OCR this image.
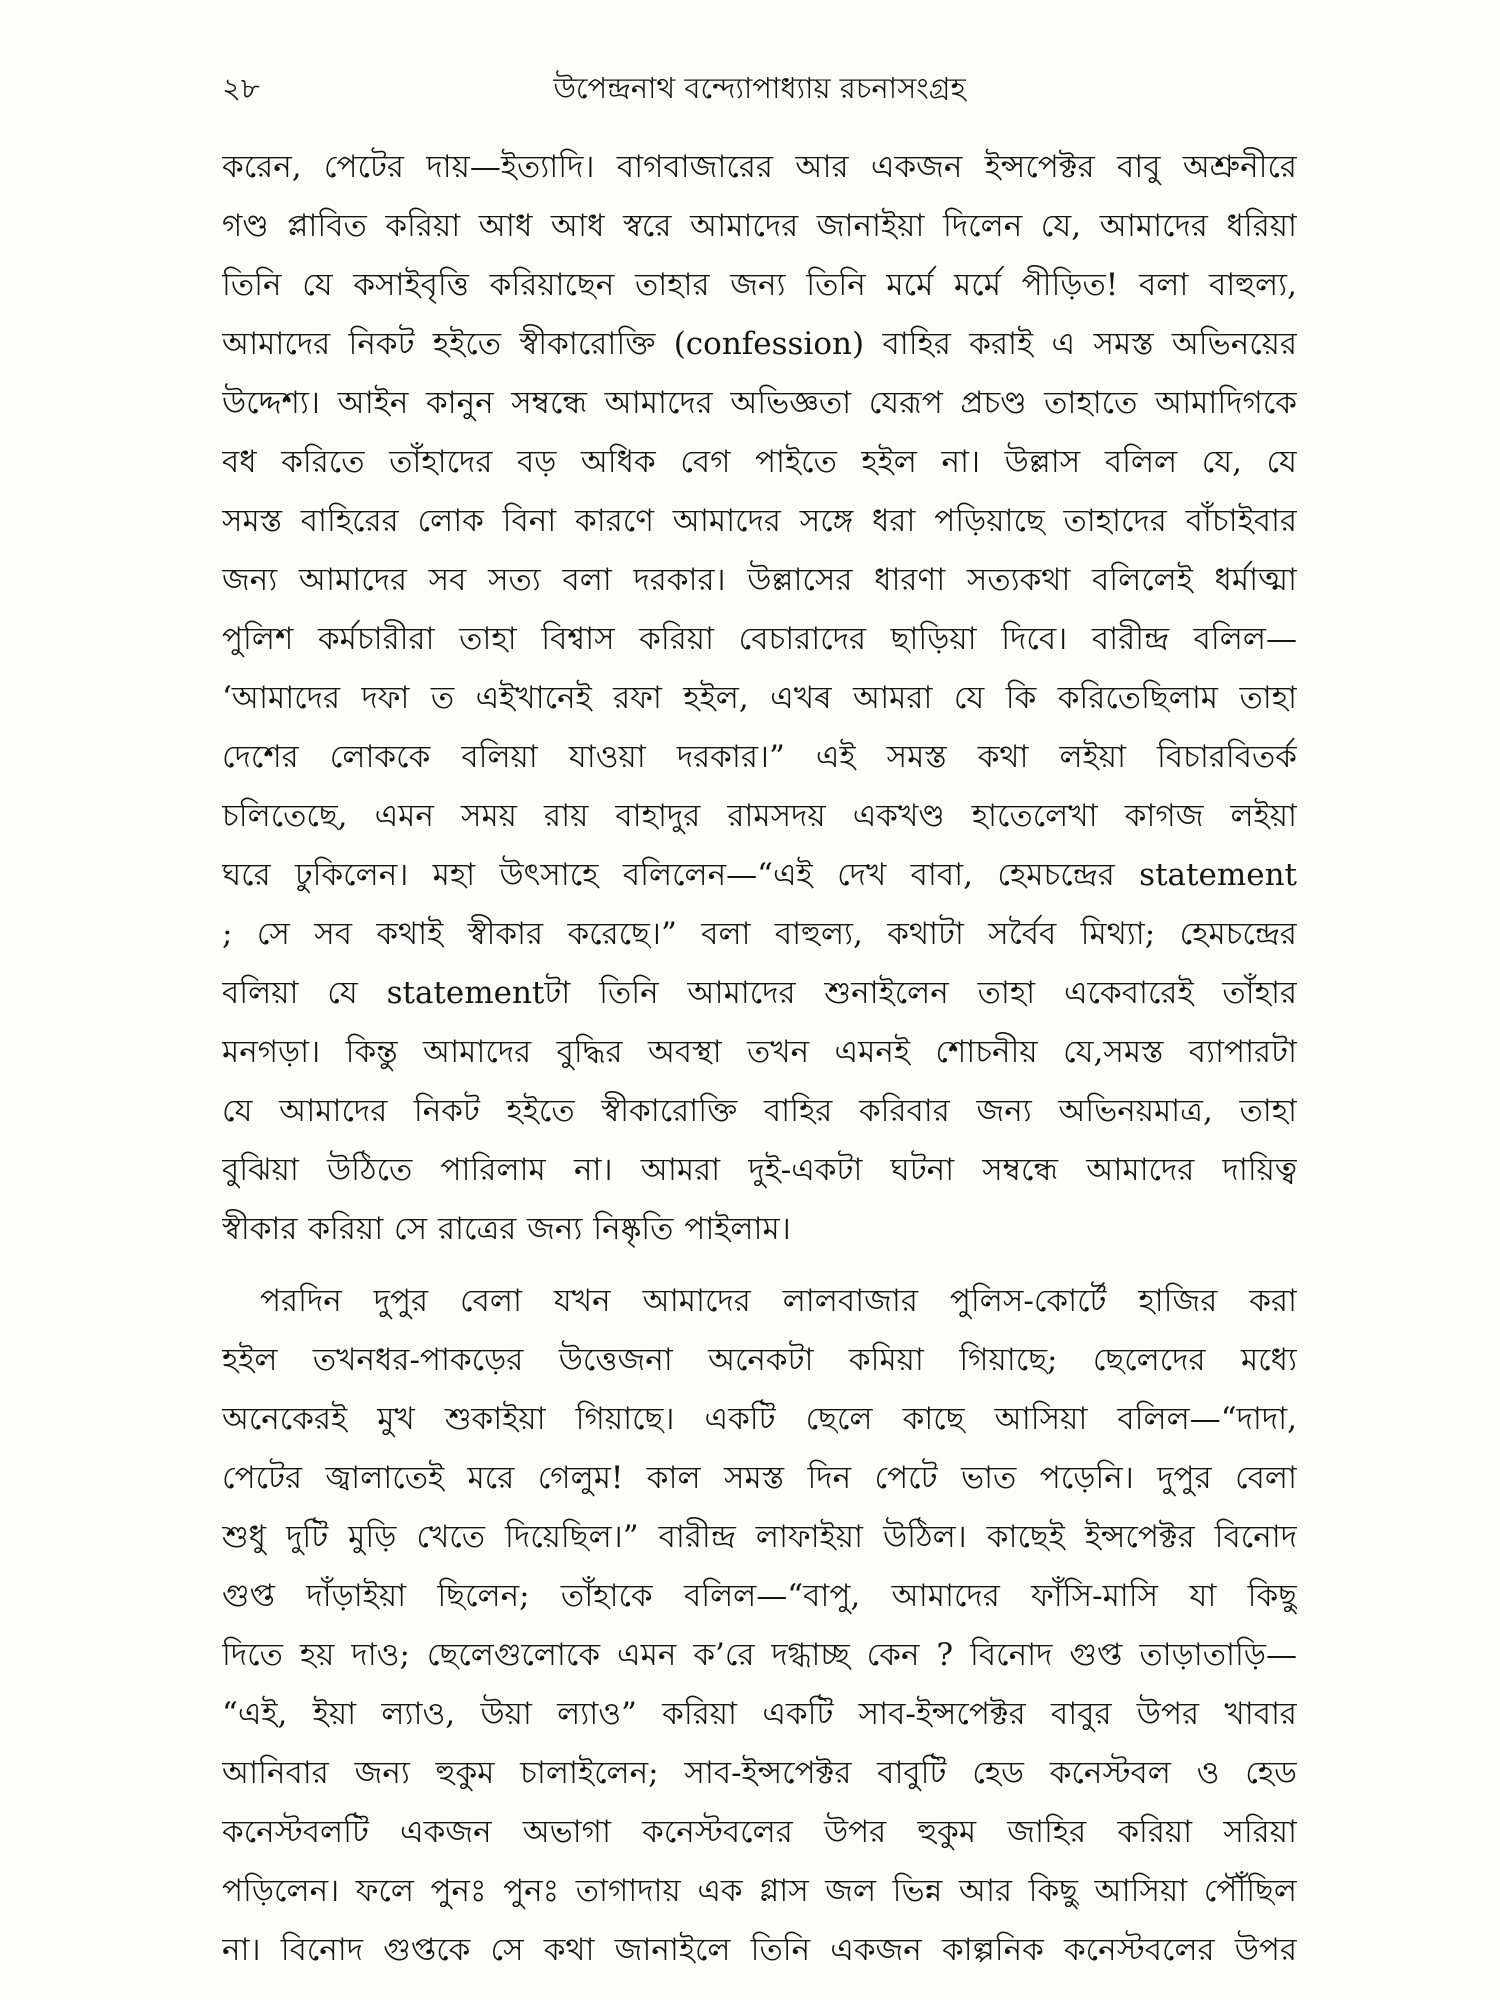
২৮	উপেন্দ্রনাথ বন্দ্যোপাধ্যায় রচনাসংগ্রহ
করেন, পেটের দায়—ইত্যাদি। বাগবাজারের আর একজন ইন্সপেক্টর বাবু অশ্রুনীরে
গণ্ড প্লাবিত করিয়া আধ আধ স্বরে আমাদের জানাইয়া দিলেন যে, আমাদের ধরিয়া
তিনি যে কসাইবৃত্তি করিয়াছেন তাহার জন্য তিনি মর্মে মর্মে পীড়িত! বলা বাহুল্য,
আমাদের নিকট হইতে স্বীকারোক্তি (confession) বাহির করাই এ সমস্ত অভিনয়ের
উদ্দেশ্য। আইন কানুন সম্বন্ধে আমাদের অভিজ্ঞতা যেরূপ প্রচণ্ড তাহাতে আমাদিগকে
বধ করিতে তাঁহাদের বড় অধিক বেগ পাইতে হইল না। উল্লাস বলিল যে, যে
সমস্ত বাহিরের লোক বিনা কারণে আমাদের সঙ্গে ধরা পড়িয়াছে তাহাদের বাঁচাইবার
জন্য আমাদের সব সত্য বলা দরকার। উল্লাসের ধারণা সত্যকথা বলিলেই ধর্মাত্মা
পুলিশ কর্মচারীরা তাহা বিশ্বাস করিয়া বেচারাদের ছাড়িয়া দিবে। বারীন্দ্র বলিল—
‘আমাদের দফা ত এইখানেই রফা হইল, এখৰ আমরা যে কি করিতেছিলাম তাহা
দেশের লোককে বলিয়া যাওয়া দরকার।” এই সমস্ত কথা লইয়া বিচারবিতর্ক
চলিতেছে, এমন সময় রায় বাহাদুর রামসদয় একখণ্ড হাতেলেখা কাগজ লইয়া
ঘরে ঢুকিলেন। মহা উৎসাহে বলিলেন—“এই দেখ বাবা, হেমচন্দ্রের statement
; সে সব কথাই স্বীকার করেছে।” বলা বাহুল্য, কথাটা সর্বৈব মিথ্যা; হেমচন্দ্রের
বলিয়া যে statementটা তিনি আমাদের শুনাইলেন তাহা একেবারেই তাঁহার
মনগড়া। কিন্তু আমাদের বুদ্ধির অবস্থা তখন এমনই শোচনীয় যে,সমস্ত ব্যাপারটা
যে আমাদের নিকট হইতে স্বীকারোক্তি বাহির করিবার জন্য অভিনয়মাত্র, তাহা
বুঝিয়া উঠিতে পারিলাম না। আমরা দুই-একটা ঘটনা সম্বন্ধে আমাদের দায়িত্ব
স্বীকার করিয়া সে রাত্রের জন্য নিষ্কৃতি পাইলাম।
পরদিন দুপুর বেলা যখন আমাদের লালবাজার পুলিস-কোর্টে হাজির করা
হইল তখনধর-পাকড়ের উত্তেজনা অনেকটা কমিয়া গিয়াছে; ছেলেদের মধ্যে
অনেকেরই মুখ শুকাইয়া গিয়াছে। একটি ছেলে কাছে আসিয়া বলিল—“দাদা,
পেটের জ্বালাতেই মরে গেলুম! কাল সমস্ত দিন পেটে ভাত পড়েনি। দুপুর বেলা
শুধু দুটি মুড়ি খেতে দিয়েছিল।” বারীন্দ্র লাফাইয়া উঠিল। কাছেই ইন্সপেক্টর বিনোদ
গুপ্ত দাঁড়াইয়া ছিলেন; তাঁহাকে বলিল—“বাপু, আমাদের ফাঁসি-মাসি যা কিছু
দিতে হয় দাও; ছেলেগুলোকে এমন ক’রে দগ্ধাচ্ছ কেন ? বিনোদ গুপ্ত তাড়াতাড়ি—
“এই, ইয়া ল্যাও, উয়া ল্যাও” করিয়া একটি সাব-ইন্সপেক্টর বাবুর উপর খাবার
আনিবার জন্য হুকুম চালাইলেন; সাব-ইন্সপেক্টর বাবুটি হেড কনেস্টবল ও হেড
কনেস্টবলটি একজন অভাগা কনেস্টবলের উপর হুকুম জাহির করিয়া সরিয়া
পড়িলেন। ফলে পুনঃ পুনঃ তাগাদায় এক গ্লাস জল ভিন্ন আর কিছু আসিয়া পৌঁছিল
না। বিনোদ গুপ্তকে সে কথা জানাইলে তিনি একজন কাল্পনিক কনেস্টবলের উপর
